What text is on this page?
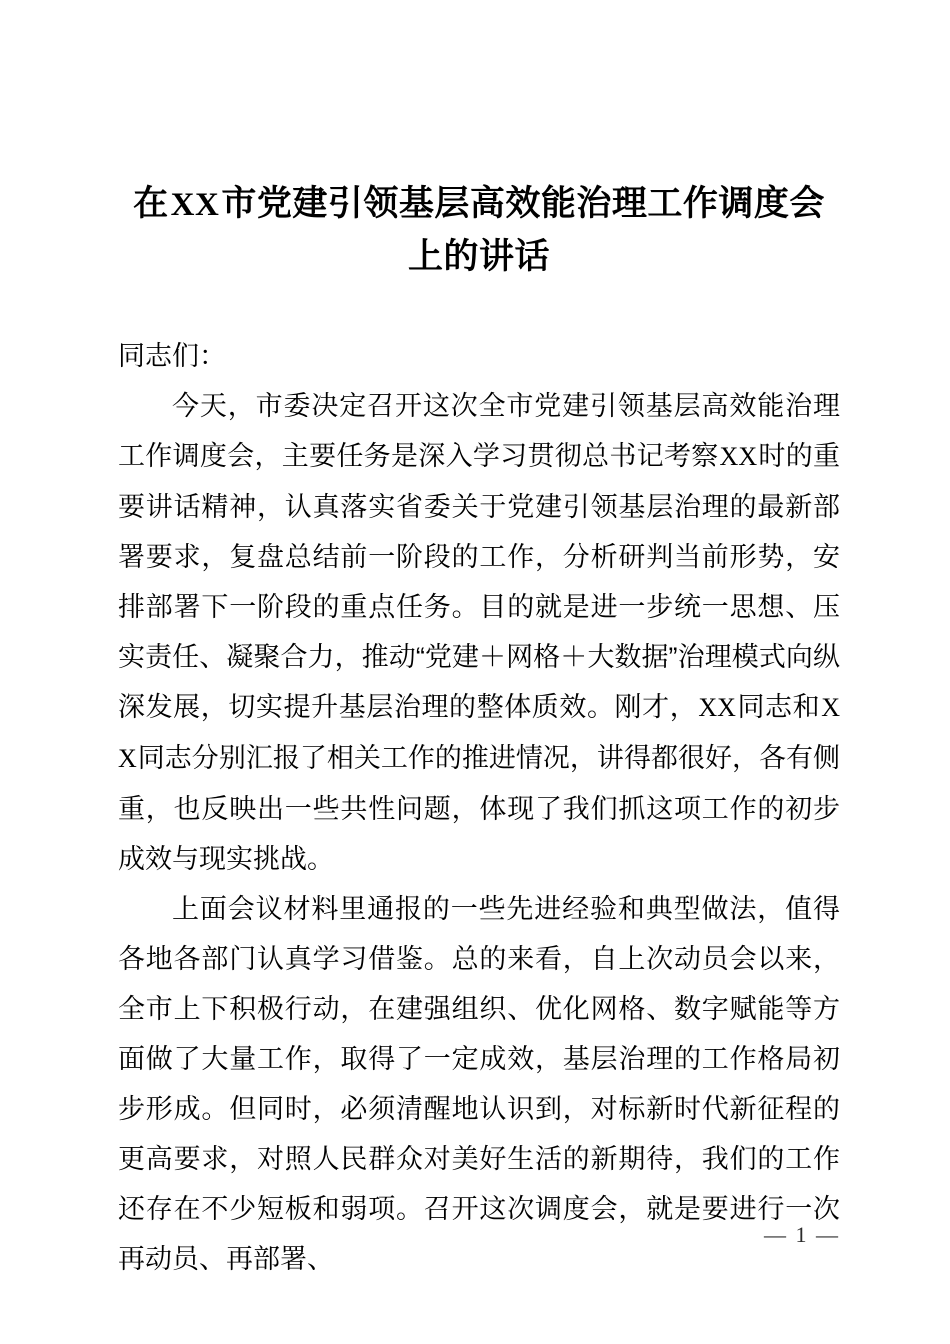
在XX市党建引领基层高效能治理工作调度会
上的讲话

同志们：

今天，市委决定召开这次全市党建引领基层高效能治理工作调度会，主要任务是深入学习贯彻总书记考察XX时的重要讲话精神，认真落实省委关于党建引领基层治理的最新部署要求，复盘总结前一阶段的工作，分析研判当前形势，安排部署下一阶段的重点任务。目的就是进一步统一思想、压实责任、凝聚合力，推动“党建＋网格＋大数据”治理模式向纵深发展，切实提升基层治理的整体质效。刚才，XX同志和XX同志分别汇报了相关工作的推进情况，讲得都很好，各有侧重，也反映出一些共性问题，体现了我们抓这项工作的初步成效与现实挑战。

上面会议材料里通报的一些先进经验和典型做法，值得各地各部门认真学习借鉴。总的来看，自上次动员会以来，全市上下积极行动，在建强组织、优化网格、数字赋能等方面做了大量工作，取得了一定成效，基层治理的工作格局初步形成。但同时，必须清醒地认识到，对标新时代新征程的更高要求，对照人民群众对美好生活的新期待，我们的工作还存在不少短板和弱项。召开这次调度会，就是要进行一次再动员、再部署、

— 1 —
